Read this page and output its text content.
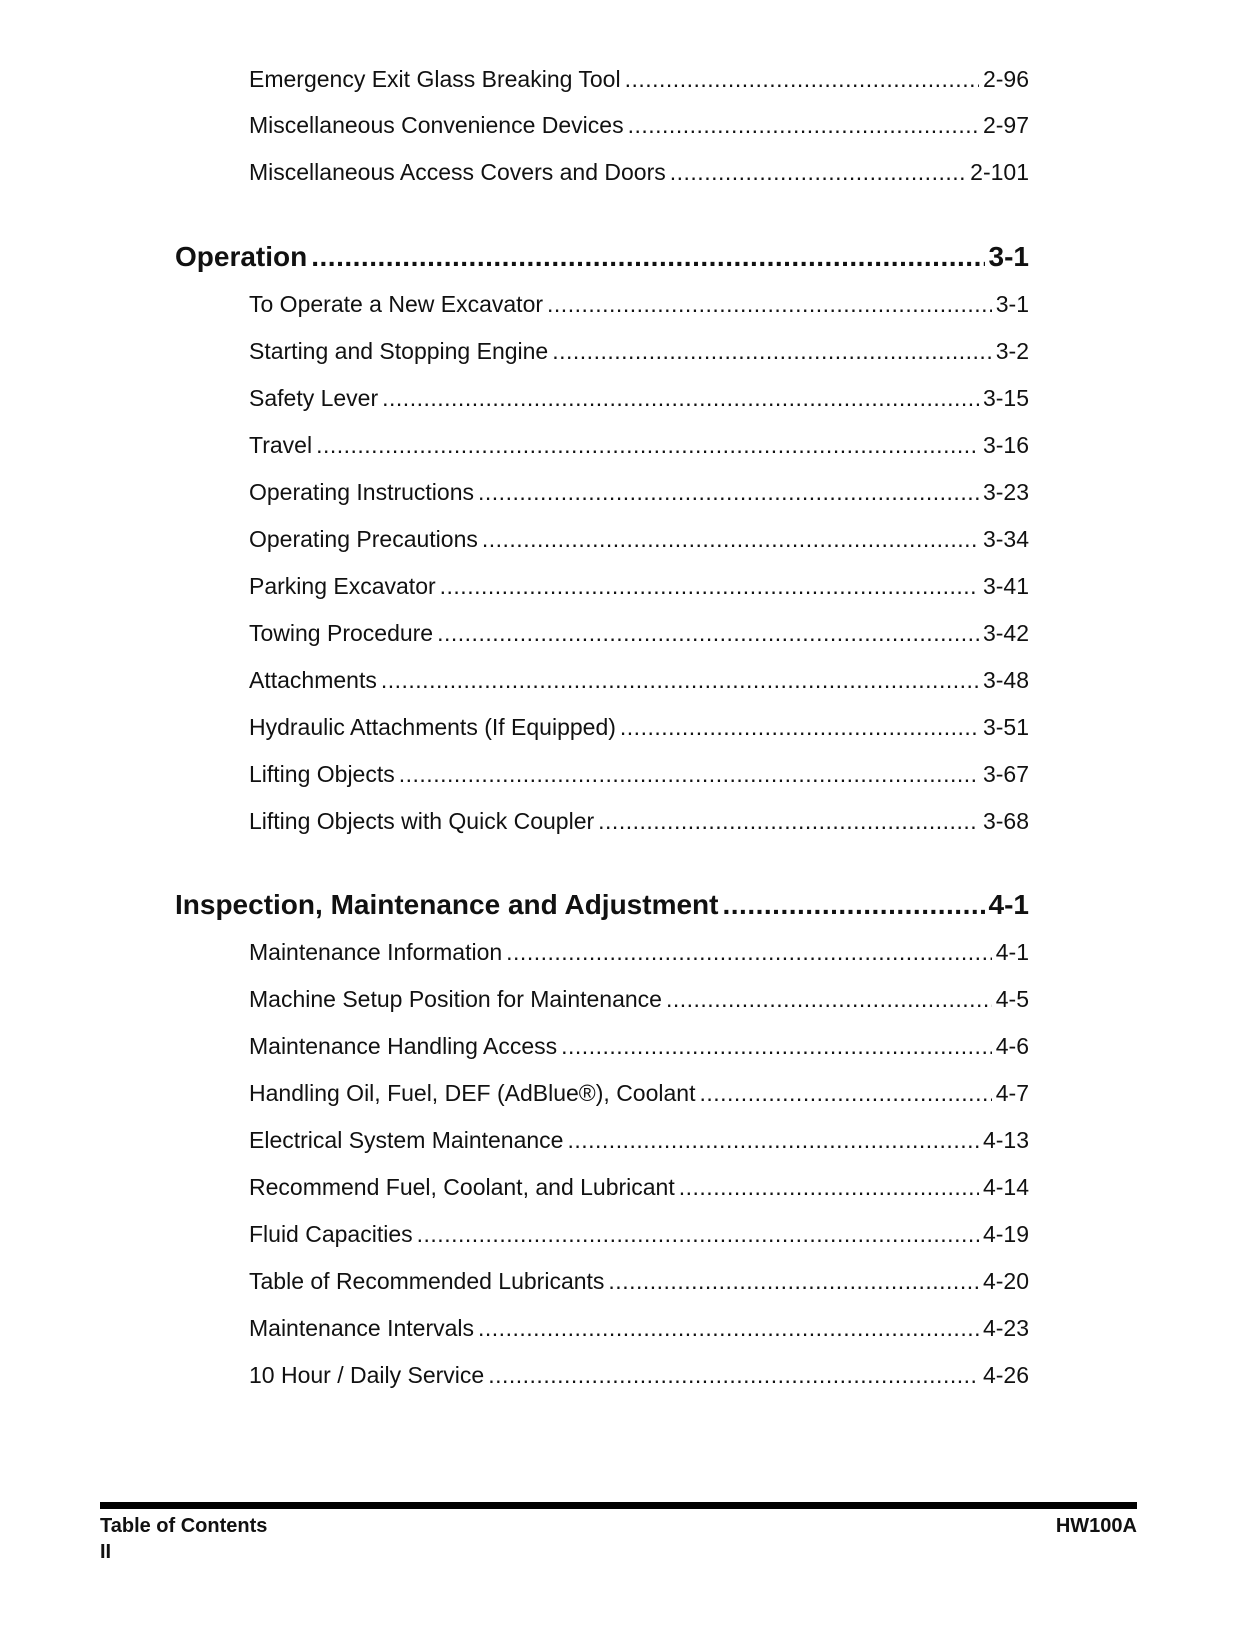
Emergency Exit Glass Breaking Tool .....	2-96
Miscellaneous Convenience Devices .....	2-97
Miscellaneous Access Covers and Doors .....	2-101
Operation .....	3-1
To Operate a New Excavator .....	3-1
Starting and Stopping Engine .....	3-2
Safety Lever .....	3-15
Travel .....	3-16
Operating Instructions .....	3-23
Operating Precautions .....	3-34
Parking Excavator .....	3-41
Towing Procedure .....	3-42
Attachments .....	3-48
Hydraulic Attachments (If Equipped) .....	3-51
Lifting Objects .....	3-67
Lifting Objects with Quick Coupler .....	3-68
Inspection, Maintenance and Adjustment .....	4-1
Maintenance Information .....	4-1
Machine Setup Position for Maintenance .....	4-5
Maintenance Handling Access .....	4-6
Handling Oil, Fuel, DEF (AdBlue®), Coolant .....	4-7
Electrical System Maintenance .....	4-13
Recommend Fuel, Coolant, and Lubricant .....	4-14
Fluid Capacities .....	4-19
Table of Recommended Lubricants .....	4-20
Maintenance Intervals .....	4-23
10 Hour / Daily Service .....	4-26
Table of Contents
II
HW100A
